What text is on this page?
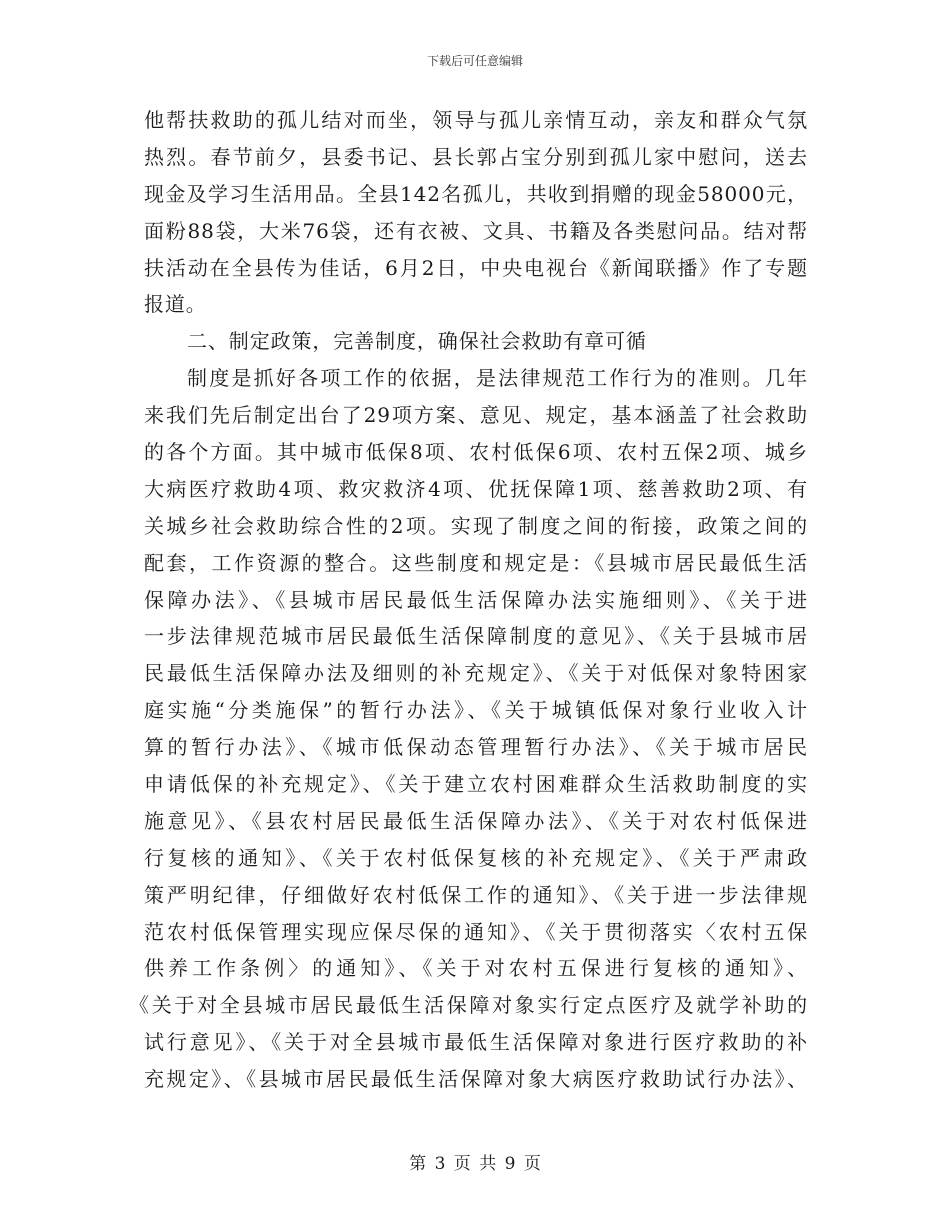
下载后可任意编辑
他帮扶救助的孤儿结对而坐，领导与孤儿亲情互动，亲友和群众气氛
热烈。春节前夕，县委书记、县长郭占宝分别到孤儿家中慰问，送去
现金及学习生活用品。全县142名孤儿，共收到捐赠的现金58000元，
面粉88袋，大米76袋，还有衣被、文具、书籍及各类慰问品。结对帮
扶活动在全县传为佳话，6月2日，中央电视台《新闻联播》作了专题
报道。
二、制定政策，完善制度，确保社会救助有章可循
制度是抓好各项工作的依据，是法律规范工作行为的准则。几年
来我们先后制定出台了29项方案、意见、规定，基本涵盖了社会救助
的各个方面。其中城市低保8项、农村低保6项、农村五保2项、城乡
大病医疗救助4项、救灾救济4项、优抚保障1项、慈善救助2项、有
关城乡社会救助综合性的2项。实现了制度之间的衔接，政策之间的
配套，工作资源的整合。这些制度和规定是：《县城市居民最低生活
保障办法》、《县城市居民最低生活保障办法实施细则》、《关于进
一步法律规范城市居民最低生活保障制度的意见》、《关于县城市居
民最低生活保障办法及细则的补充规定》、《关于对低保对象特困家
庭实施“分类施保”的暂行办法》、《关于城镇低保对象行业收入计
算的暂行办法》、《城市低保动态管理暂行办法》、《关于城市居民
申请低保的补充规定》、《关于建立农村困难群众生活救助制度的实
施意见》、《县农村居民最低生活保障办法》、《关于对农村低保进
行复核的通知》、《关于农村低保复核的补充规定》、《关于严肃政
策严明纪律，仔细做好农村低保工作的通知》、《关于进一步法律规
范农村低保管理实现应保尽保的通知》、《关于贯彻落实〈农村五保
供养工作条例〉的通知》、《关于对农村五保进行复核的通知》、
《关于对全县城市居民最低生活保障对象实行定点医疗及就学补助的
试行意见》、《关于对全县城市最低生活保障对象进行医疗救助的补
充规定》、《县城市居民最低生活保障对象大病医疗救助试行办法》、
第 3 页 共 9 页
